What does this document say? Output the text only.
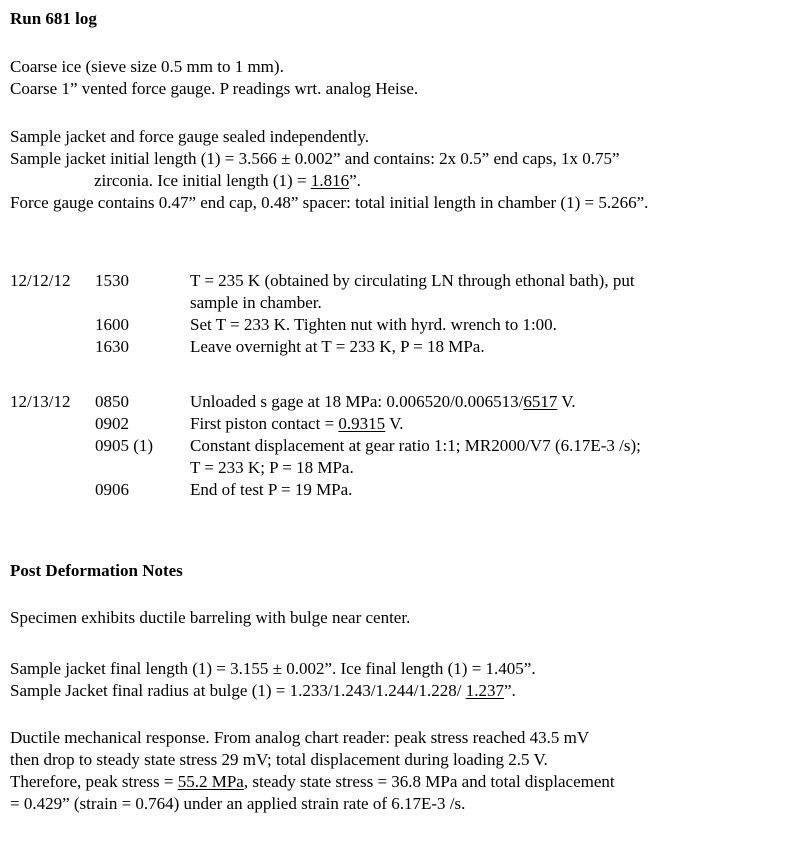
Run 681 log
Coarse ice (sieve size 0.5 mm to 1 mm).
Coarse 1” vented force gauge. P readings wrt. analog Heise.
Sample jacket and force gauge sealed independently.
Sample jacket initial length (1) = 3.566 ± 0.002” and contains: 2x 0.5” end caps, 1x 0.75”
zirconia. Ice initial length (1) = 1.816”.
Force gauge contains 0.47” end cap, 0.48” spacer: total initial length in chamber (1) = 5.266”.
12/12/12	1530	T = 235 K (obtained by circulating LN through ethonal bath), put
sample in chamber.
1600	Set T = 233 K. Tighten nut with hyrd. wrench to 1:00.
1630	Leave overnight at T = 233 K, P = 18 MPa.
12/13/12	0850	Unloaded s gage at 18 MPa: 0.006520/0.006513/6517 V.
0902	First piston contact = 0.9315 V.
0905 (1)	Constant displacement at gear ratio 1:1; MR2000/V7 (6.17E-3 /s);
T = 233 K; P = 18 MPa.
0906	End of test P = 19 MPa.
Post Deformation Notes
Specimen exhibits ductile barreling with bulge near center.
Sample jacket final length (1) = 3.155 ± 0.002”. Ice final length (1) = 1.405”.
Sample Jacket final radius at bulge (1) = 1.233/1.243/1.244/1.228/ 1.237”.
Ductile mechanical response. From analog chart reader: peak stress reached 43.5 mV
then drop to steady state stress 29 mV; total displacement during loading 2.5 V.
Therefore, peak stress = 55.2 MPa, steady state stress = 36.8 MPa and total displacement
= 0.429” (strain = 0.764) under an applied strain rate of 6.17E-3 /s.
